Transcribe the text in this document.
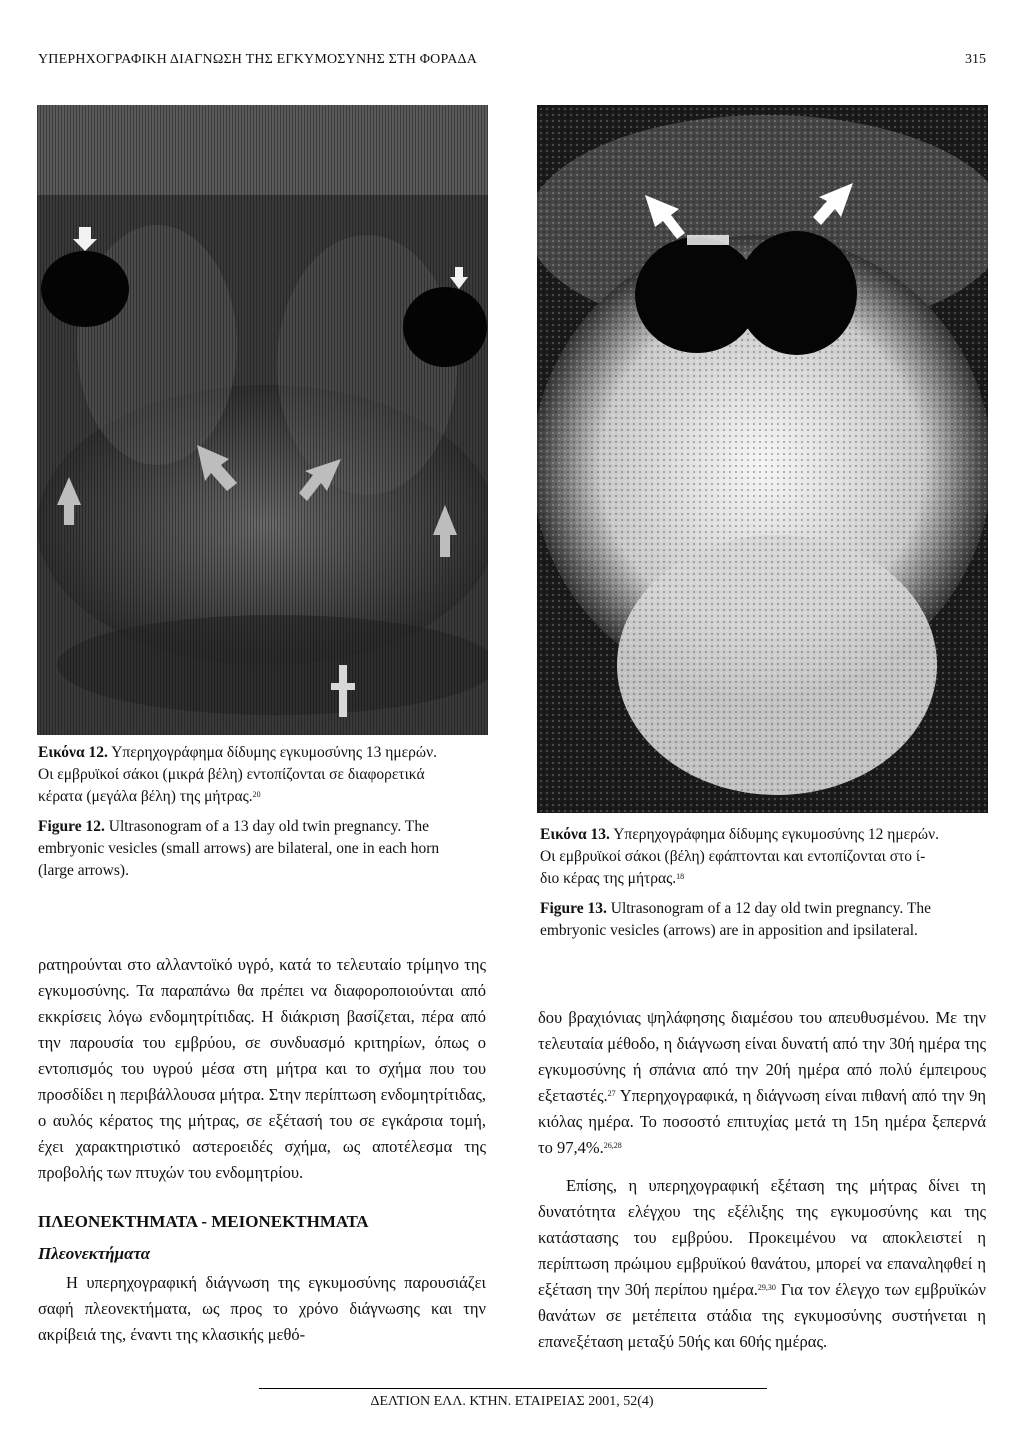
ΥΠΕΡΗΧΟΓΡΑΦΙΚΗ ΔΙΑΓΝΩΣΗ ΤΗΣ ΕΓΚΥΜΟΣΥΝΗΣ ΣΤΗ ΦΟΡΑΔΑ	315
Εικόνα 12. Υπερηχογράφημα δίδυμης εγκυμοσύνης 13 ημερών.
Οι εμβρυϊκοί σάκοι (μικρά βέλη) εντοπίζονται σε διαφορετικά
κέρατα (μεγάλα βέλη) της μήτρας.$^{20}$
Figure 12. Ultrasonogram of a 13 day old twin pregnancy. The
embryonic vesicles (small arrows) are bilateral, one in each horn
(large arrows).
Εικόνα 13. Υπερηχογράφημα δίδυμης εγκυμοσύνης 12 ημερών.
Οι εμβρυϊκοί σάκοι (βέλη) εφάπτονται και εντοπίζονται στο ί-
διο κέρας της μήτρας.$^{18}$
Figure 13. Ultrasonogram of a 12 day old twin pregnancy. The
embryonic vesicles (arrows) are in apposition and ipsilateral.

ρατηρούνται στο αλλαντοϊκό υγρό, κατά το τελευταίο τρίμηνο της εγκυμοσύνης. Τα παραπάνω θα πρέπει να διαφοροποιούνται από εκκρίσεις λόγω ενδομητρίτιδας. Η διάκριση βασίζεται, πέρα από την παρουσία του εμβρύου, σε συνδυασμό κριτηρίων, όπως ο εντοπισμός του υγρού μέσα στη μήτρα και το σχήμα που του προσδίδει η περιβάλλουσα μήτρα. Στην περίπτωση ενδομητρίτιδας, ο αυλός κέρατος της μήτρας, σε εξέτασή του σε εγκάρσια τομή, έχει χαρακτηριστικό αστεροειδές σχήμα, ως αποτέλεσμα της προβολής των πτυχών του ενδομητρίου.

ΠΛΕΟΝΕΚΤΗΜΑΤΑ - ΜΕΙΟΝΕΚΤΗΜΑΤΑ
Πλεονεκτήματα

Η υπερηχογραφική διάγνωση της εγκυμοσύνης παρουσιάζει σαφή πλεονεκτήματα, ως προς το χρόνο διάγνωσης και την ακρίβειά της, έναντι της κλασικής μεθό-

δου βραχιόνιας ψηλάφησης διαμέσου του απευθυσμένου. Με την τελευταία μέθοδο, η διάγνωση είναι δυνατή από την 30ή ημέρα της εγκυμοσύνης ή σπάνια από την 20ή ημέρα από πολύ έμπειρους εξεταστές.$^{27}$ Υπερηχογραφικά, η διάγνωση είναι πιθανή από την 9η κιόλας ημέρα. Το ποσοστό επιτυχίας μετά τη 15η ημέρα ξεπερνά το 97,4%.$^{26,28}$

Επίσης, η υπερηχογραφική εξέταση της μήτρας δίνει τη δυνατότητα ελέγχου της εξέλιξης της εγκυμοσύνης και της κατάστασης του εμβρύου. Προκειμένου να αποκλειστεί η περίπτωση πρώιμου εμβρυϊκού θανάτου, μπορεί να επαναληφθεί η εξέταση την 30ή περίπου ημέρα.$^{29,30}$ Για τον έλεγχο των εμβρυϊκών θανάτων σε μετέπειτα στάδια της εγκυμοσύνης συστήνεται η επανεξέταση μεταξύ 50ής και 60ής ημέρας.

ΔΕΛΤΙΟΝ ΕΛΛ. ΚΤΗΝ. ΕΤΑΙΡΕΙΑΣ 2001, 52(4)
